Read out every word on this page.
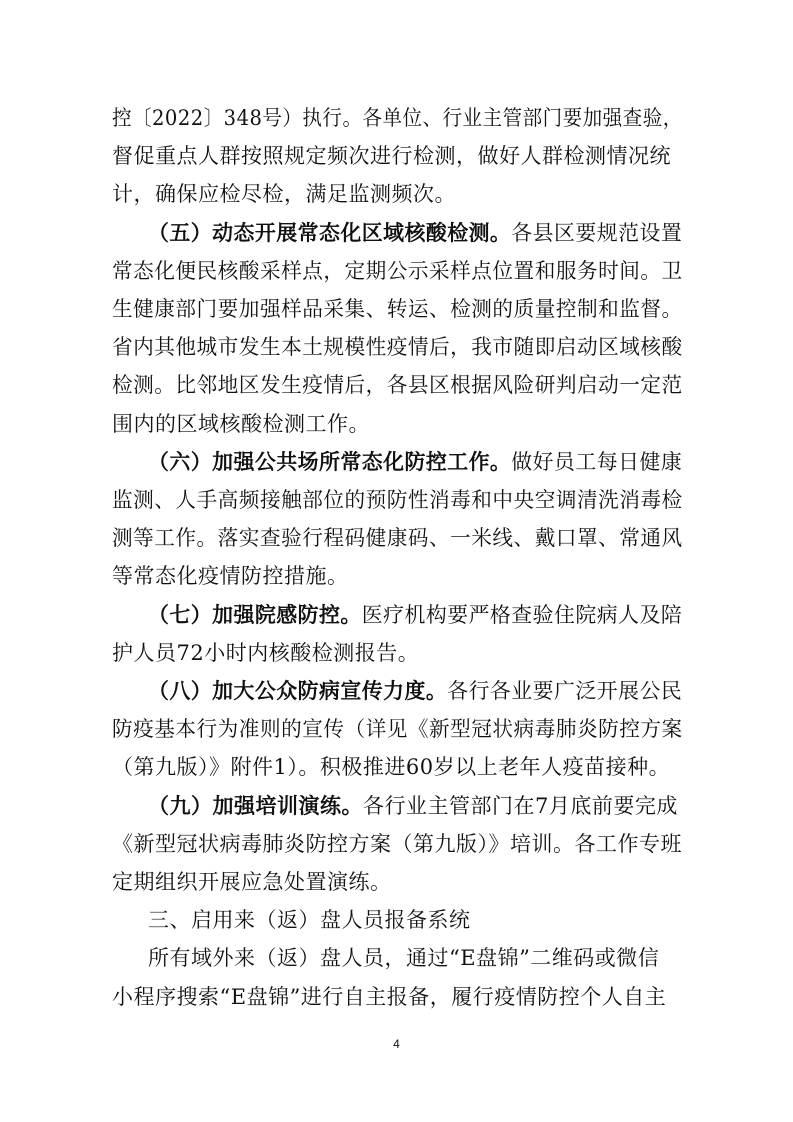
控〔2022〕348号）执行。各单位、行业主管部门要加强查验，
督促重点人群按照规定频次进行检测，做好人群检测情况统
计，确保应检尽检，满足监测频次。
（五）动态开展常态化区域核酸检测。各县区要规范设置
常态化便民核酸采样点，定期公示采样点位置和服务时间。卫
生健康部门要加强样品采集、转运、检测的质量控制和监督。
省内其他城市发生本土规模性疫情后，我市随即启动区域核酸
检测。比邻地区发生疫情后，各县区根据风险研判启动一定范
围内的区域核酸检测工作。
（六）加强公共场所常态化防控工作。做好员工每日健康
监测、人手高频接触部位的预防性消毒和中央空调清洗消毒检
测等工作。落实查验行程码健康码、一米线、戴口罩、常通风
等常态化疫情防控措施。
（七）加强院感防控。医疗机构要严格查验住院病人及陪
护人员72小时内核酸检测报告。
（八）加大公众防病宣传力度。各行各业要广泛开展公民
防疫基本行为准则的宣传（详见《新型冠状病毒肺炎防控方案
（第九版）》附件1）。积极推进60岁以上老年人疫苗接种。
（九）加强培训演练。各行业主管部门在7月底前要完成
《新型冠状病毒肺炎防控方案（第九版）》培训。各工作专班
定期组织开展应急处置演练。
三、启用来（返）盘人员报备系统
所有域外来（返）盘人员，通过“E盘锦”二维码或微信
小程序搜索“E盘锦”进行自主报备，履行疫情防控个人自主
4
